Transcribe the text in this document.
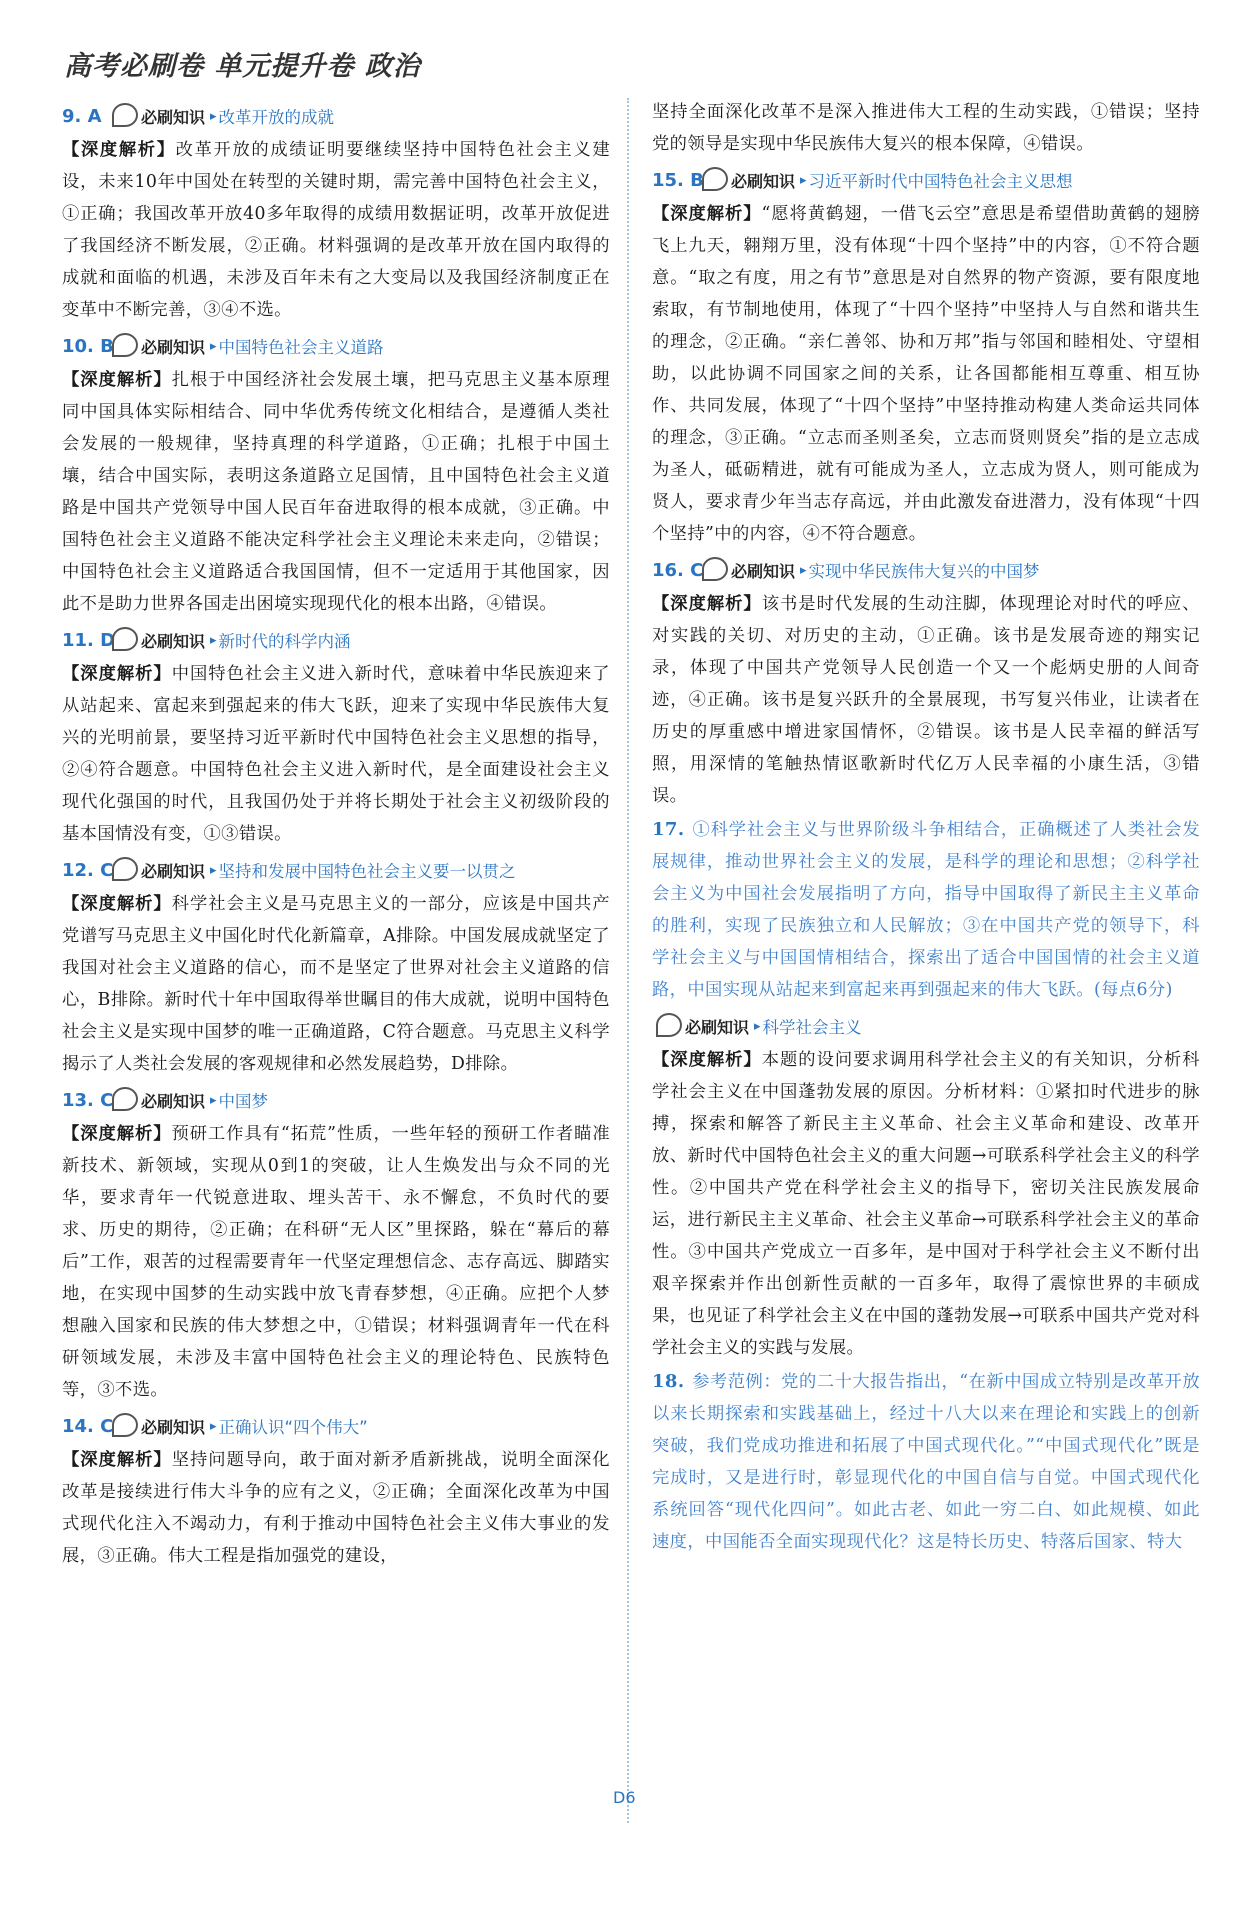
高考必刷卷 单元提升卷 政治
9. A	必刷知识 ▸ 改革开放的成就

【深度解析】改革开放的成绩证明要继续坚持中国特色社会主义建设，未来10年中国处在转型的关键时期，需完善中国特色社会主义，①正确；我国改革开放40多年取得的成绩用数据证明，改革开放促进了我国经济不断发展，②正确。材料强调的是改革开放在国内取得的成就和面临的机遇，未涉及百年未有之大变局以及我国经济制度正在变革中不断完善，③④不选。

10. B 必刷知识 ▸ 中国特色社会主义道路

【深度解析】扎根于中国经济社会发展土壤，把马克思主义基本原理同中国具体实际相结合、同中华优秀传统文化相结合，是遵循人类社会发展的一般规律，坚持真理的科学道路，①正确；扎根于中国土壤，结合中国实际，表明这条道路立足国情，且中国特色社会主义道路是中国共产党领导中国人民百年奋进取得的根本成就，③正确。中国特色社会主义道路不能决定科学社会主义理论未来走向，②错误；中国特色社会主义道路适合我国国情，但不一定适用于其他国家，因此不是助力世界各国走出困境实现现代化的根本出路，④错误。

11. D 必刷知识 ▸ 新时代的科学内涵

【深度解析】中国特色社会主义进入新时代，意味着中华民族迎来了从站起来、富起来到强起来的伟大飞跃，迎来了实现中华民族伟大复兴的光明前景，要坚持习近平新时代中国特色社会主义思想的指导，②④符合题意。中国特色社会主义进入新时代，是全面建设社会主义现代化强国的时代，且我国仍处于并将长期处于社会主义初级阶段的基本国情没有变，①③错误。

12. C 必刷知识 ▸ 坚持和发展中国特色社会主义要一以贯之

【深度解析】科学社会主义是马克思主义的一部分，应该是中国共产党谱写马克思主义中国化时代化新篇章，A排除。中国发展成就坚定了我国对社会主义道路的信心，而不是坚定了世界对社会主义道路的信心，B排除。新时代十年中国取得举世瞩目的伟大成就，说明中国特色社会主义是实现中国梦的唯一正确道路，C符合题意。马克思主义科学揭示了人类社会发展的客观规律和必然发展趋势，D排除。

13. C 必刷知识 ▸ 中国梦

【深度解析】预研工作具有“拓荒”性质，一些年轻的预研工作者瞄准新技术、新领域，实现从0到1的突破，让人生焕发出与众不同的光华，要求青年一代锐意进取、埋头苦干、永不懈怠，不负时代的要求、历史的期待，②正确；在科研“无人区”里探路，躲在“幕后的幕后”工作，艰苦的过程需要青年一代坚定理想信念、志存高远、脚踏实地，在实现中国梦的生动实践中放飞青春梦想，④正确。应把个人梦想融入国家和民族的伟大梦想之中，①错误；材料强调青年一代在科研领域发展，未涉及丰富中国特色社会主义的理论特色、民族特色等，③不选。

14. C 必刷知识 ▸ 正确认识“四个伟大”

【深度解析】坚持问题导向，敢于面对新矛盾新挑战，说明全面深化改革是接续进行伟大斗争的应有之义，②正确；全面深化改革为中国式现代化注入不竭动力，有利于推动中国特色社会主义伟大事业的发展，③正确。伟大工程是指加强党的建设，

坚持全面深化改革不是深入推进伟大工程的生动实践，①错误；坚持党的领导是实现中华民族伟大复兴的根本保障，④错误。

15. B 必刷知识 ▸ 习近平新时代中国特色社会主义思想

【深度解析】“愿将黄鹤翅，一借飞云空”意思是希望借助黄鹤的翅膀飞上九天，翱翔万里，没有体现“十四个坚持”中的内容，①不符合题意。“取之有度，用之有节”意思是对自然界的物产资源，要有限度地索取，有节制地使用，体现了“十四个坚持”中坚持人与自然和谐共生的理念，②正确。“亲仁善邻、协和万邦”指与邻国和睦相处、守望相助，以此协调不同国家之间的关系，让各国都能相互尊重、相互协作、共同发展，体现了“十四个坚持”中坚持推动构建人类命运共同体的理念，③正确。“立志而圣则圣矣，立志而贤则贤矣”指的是立志成为圣人，砥砺精进，就有可能成为圣人，立志成为贤人，则可能成为贤人，要求青少年当志存高远，并由此激发奋进潜力，没有体现“十四个坚持”中的内容，④不符合题意。

16. C 必刷知识 ▸ 实现中华民族伟大复兴的中国梦

【深度解析】该书是时代发展的生动注脚，体现理论对时代的呼应、对实践的关切、对历史的主动，①正确。该书是发展奇迹的翔实记录，体现了中国共产党领导人民创造一个又一个彪炳史册的人间奇迹，④正确。该书是复兴跃升的全景展现，书写复兴伟业，让读者在历史的厚重感中增进家国情怀，②错误。该书是人民幸福的鲜活写照，用深情的笔触热情讴歌新时代亿万人民幸福的小康生活，③错误。

17. ①科学社会主义与世界阶级斗争相结合，正确概述了人类社会发展规律，推动世界社会主义的发展，是科学的理论和思想；②科学社会主义为中国社会发展指明了方向，指导中国取得了新民主主义革命的胜利，实现了民族独立和人民解放；③在中国共产党的领导下，科学社会主义与中国国情相结合，探索出了适合中国国情的社会主义道路，中国实现从站起来到富起来再到强起来的伟大飞跃。(每点6分)

必刷知识 ▸ 科学社会主义

【深度解析】本题的设问要求调用科学社会主义的有关知识，分析科学社会主义在中国蓬勃发展的原因。分析材料：①紧扣时代进步的脉搏，探索和解答了新民主主义革命、社会主义革命和建设、改革开放、新时代中国特色社会主义的重大问题→可联系科学社会主义的科学性。②中国共产党在科学社会主义的指导下，密切关注民族发展命运，进行新民主主义革命、社会主义革命→可联系科学社会主义的革命性。③中国共产党成立一百多年，是中国对于科学社会主义不断付出艰辛探索并作出创新性贡献的一百多年，取得了震惊世界的丰硕成果，也见证了科学社会主义在中国的蓬勃发展→可联系中国共产党对科学社会主义的实践与发展。

18. 参考范例：党的二十大报告指出，“在新中国成立特别是改革开放以来长期探索和实践基础上，经过十八大以来在理论和实践上的创新突破，我们党成功推进和拓展了中国式现代化。”“中国式现代化”既是完成时，又是进行时，彰显现代化的中国自信与自觉。中国式现代化系统回答“现代化四问”。如此古老、如此一穷二白、如此规模、如此速度，中国能否全面实现现代化？这是特长历史、特落后国家、特大

D6
